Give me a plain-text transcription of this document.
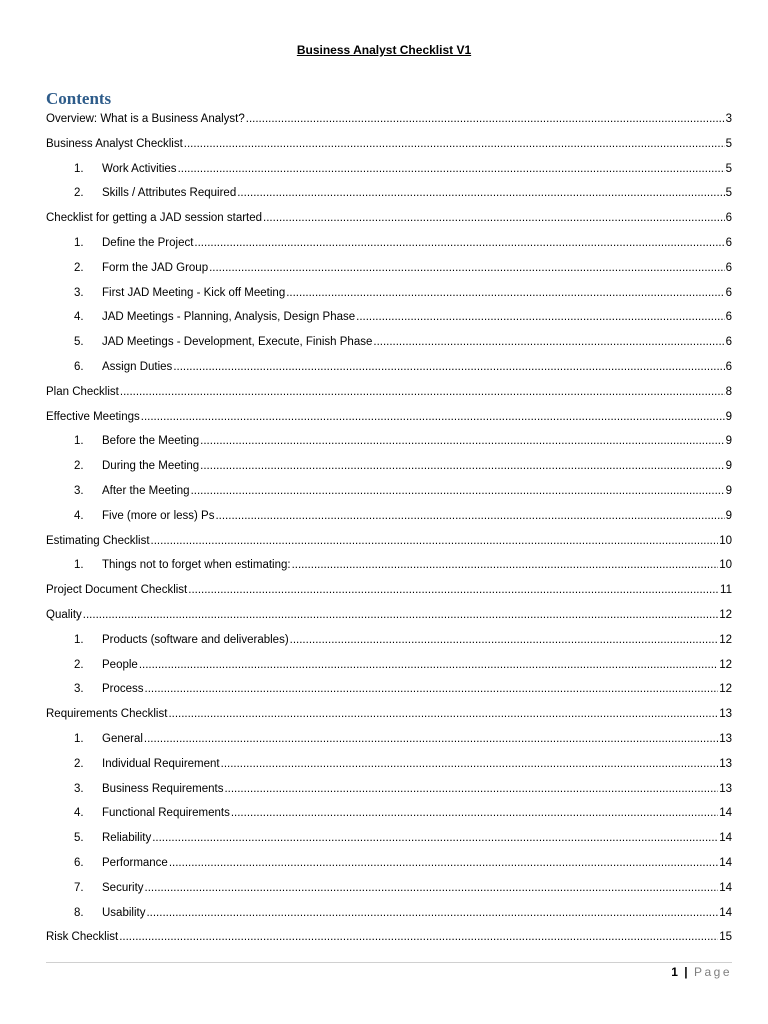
Business Analyst Checklist V1
Contents
Overview: What is a Business Analyst? .....	3
Business Analyst Checklist .....	5
1.	Work Activities .....	5
2.	Skills / Attributes Required .....	5
Checklist for getting a JAD session started .....	6
1.	Define the Project .....	6
2.	Form the JAD Group .....	6
3.	First JAD Meeting - Kick off Meeting .....	6
4.	JAD Meetings - Planning, Analysis, Design Phase .....	6
5.	JAD Meetings - Development, Execute, Finish Phase .....	6
6.	Assign Duties .....	6
Plan Checklist .....	8
Effective Meetings .....	9
1.	Before the Meeting .....	9
2.	During the Meeting .....	9
3.	After the Meeting .....	9
4.	Five (more or less) Ps .....	9
Estimating Checklist .....	10
1.	Things not to forget when estimating: .....	10
Project Document Checklist .....	11
Quality .....	12
1.	Products (software and deliverables) .....	12
2.	People .....	12
3.	Process .....	12
Requirements Checklist .....	13
1.	General .....	13
2.	Individual Requirement .....	13
3.	Business Requirements .....	13
4.	Functional Requirements .....	14
5.	Reliability .....	14
6.	Performance .....	14
7.	Security .....	14
8.	Usability .....	14
Risk Checklist .....	15
1 | Page
